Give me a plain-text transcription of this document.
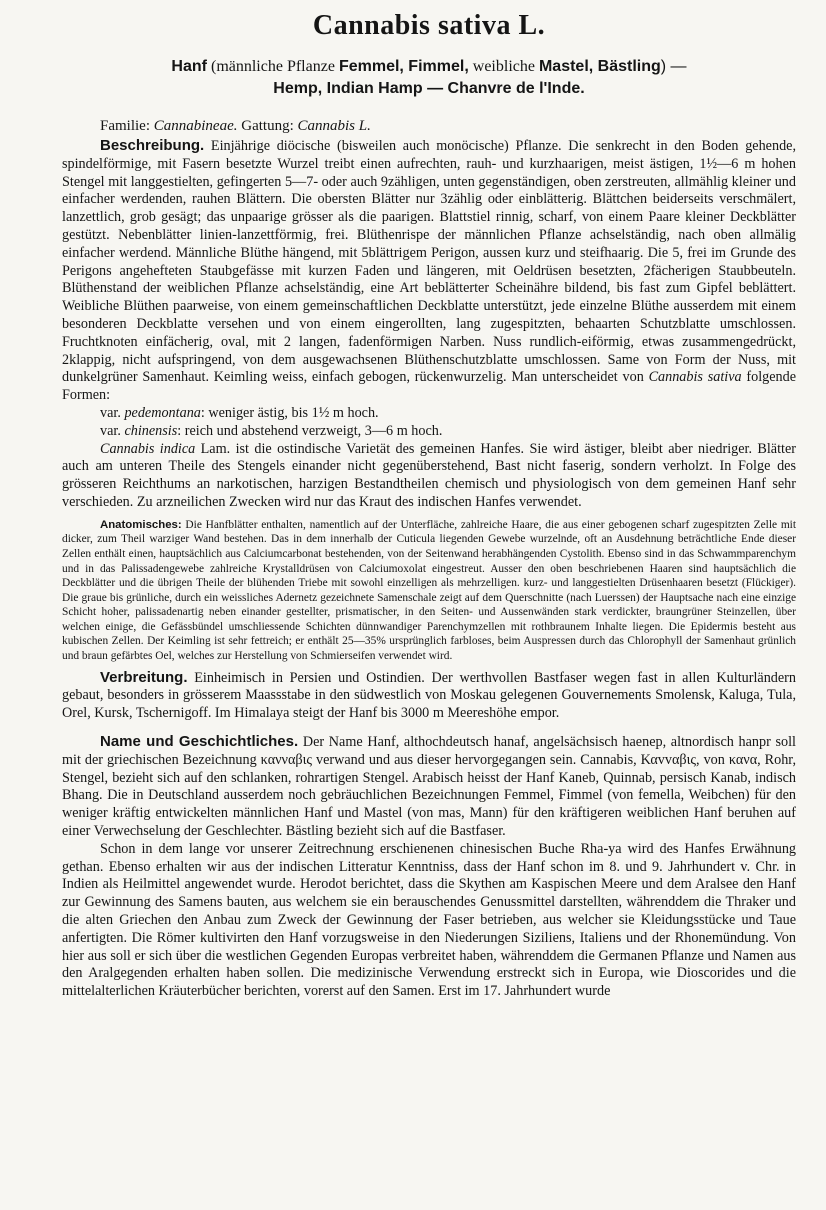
Cannabis sativa L.
Hanf (männliche Pflanze Femmel, Fimmel, weibliche Mastel, Bästling) —
Hemp, Indian Hamp — Chanvre de l'Inde.
Familie: Cannabineae. Gattung: Cannabis L.

Beschreibung. Einjährige diöcische (bisweilen auch monöcische) Pflanze. Die senkrecht in den Boden gehende, spindelförmige, mit Fasern besetzte Wurzel treibt einen aufrechten, rauh- und kurzhaarigen, meist ästigen, 1½—6 m hohen Stengel mit langgestielten, gefingerten 5—7- oder auch 9zähligen, unten gegenständigen, oben zerstreuten, allmählig kleiner und einfacher werdenden, rauhen Blättern. Die obersten Blätter nur 3zählig oder einblätterig. Blättchen beiderseits verschmälert, lanzettlich, grob gesägt; das unpaarige grösser als die paarigen. Blattstiel rinnig, scharf, von einem Paare kleiner Deckblätter gestützt. Nebenblätter linien-lanzettförmig, frei. Blüthenrispe der männlichen Pflanze achselständig, nach oben allmälig einfacher werdend. Männliche Blüthe hängend, mit 5blättrigem Perigon, aussen kurz und steifhaarig. Die 5, frei im Grunde des Perigons angehefteten Staubgefässe mit kurzen Faden und längeren, mit Oeldrüsen besetzten, 2fächerigen Staubbeuteln. Blüthenstand der weiblichen Pflanze achselständig, eine Art beblätterter Scheinähre bildend, bis fast zum Gipfel beblättert. Weibliche Blüthen paarweise, von einem gemeinschaftlichen Deckblatte unterstützt, jede einzelne Blüthe ausserdem mit einem besonderen Deckblatte versehen und von einem eingerollten, lang zugespitzten, behaarten Schutzblatte umschlossen. Fruchtknoten einfächerig, oval, mit 2 langen, fadenförmigen Narben. Nuss rundlich-eiförmig, etwas zusammengedrückt, 2klappig, nicht aufspringend, von dem ausgewachsenen Blüthenschutzblatte umschlossen. Same von Form der Nuss, mit dunkelgrüner Samenhaut. Keimling weiss, einfach gebogen, rückenwurzelig. Man unterscheidet von Cannabis sativa folgende Formen:

var. pedemontana: weniger ästig, bis 1½ m hoch.

var. chinensis: reich und abstehend verzweigt, 3—6 m hoch.

Cannabis indica Lam. ist die ostindische Varietät des gemeinen Hanfes. Sie wird ästiger, bleibt aber niedriger. Blätter auch am unteren Theile des Stengels einander nicht gegenüberstehend, Bast nicht faserig, sondern verholzt. In Folge des grösseren Reichthums an narkotischen, harzigen Bestandtheilen chemisch und physiologisch von dem gemeinen Hanf sehr verschieden. Zu arzneilichen Zwecken wird nur das Kraut des indischen Hanfes verwendet.

Anatomisches: Die Hanfblätter enthalten, namentlich auf der Unterfläche, zahlreiche Haare, die aus einer gebogenen scharf zugespitzten Zelle mit dicker, zum Theil warziger Wand bestehen. Das in dem innerhalb der Cuticula liegenden Gewebe wurzelnde, oft an Ausdehnung beträchtliche Ende dieser Zellen enthält einen, hauptsächlich aus Calciumcarbonat bestehenden, von der Seitenwand herabhängenden Cystolith. Ebenso sind in das Schwammparenchym und in das Palissadengewebe zahlreiche Krystalldrüsen von Calciumoxolat eingestreut. Ausser den oben beschriebenen Haaren sind hauptsächlich die Deckblätter und die übrigen Theile der blühenden Triebe mit sowohl einzelligen als mehrzelligen. kurz- und langgestielten Drüsenhaaren besetzt (Flückiger). Die graue bis grünliche, durch ein weissliches Adernetz gezeichnete Samenschale zeigt auf dem Querschnitte (nach Luerssen) der Hauptsache nach eine einzige Schicht hoher, palissadenartig neben einander gestellter, prismatischer, in den Seiten- und Aussenwänden stark verdickter, braungrüner Steinzellen, über welchen einige, die Gefässbündel umschliessende Schichten dünnwandiger Parenchymzellen mit rothbraunem Inhalte liegen. Die Epidermis besteht aus kubischen Zellen. Der Keimling ist sehr fettreich; er enthält 25—35% ursprünglich farbloses, beim Auspressen durch das Chlorophyll der Samenhaut grünlich und braun gefärbtes Oel, welches zur Herstellung von Schmierseifen verwendet wird.
Verbreitung. Einheimisch in Persien und Ostindien. Der werthvollen Bastfaser wegen fast in allen Kulturländern gebaut, besonders in grösserem Maassstabe in den südwestlich von Moskau gelegenen Gouvernements Smolensk, Kaluga, Tula, Orel, Kursk, Tschernigoff. Im Himalaya steigt der Hanf bis 3000 m Meereshöhe empor.

Name und Geschichtliches. Der Name Hanf, althochdeutsch hanaf, angelsächsisch haenep, altnordisch hanpr soll mit der griechischen Bezeichnung κανναβις verwand und aus dieser hervorgegangen sein. Cannabis, Καvvαβις, von κανα, Rohr, Stengel, bezieht sich auf den schlanken, rohrartigen Stengel. Arabisch heisst der Hanf Kaneb, Quinnab, persisch Kanab, indisch Bhang. Die in Deutschland ausserdem noch gebräuchlichen Bezeichnungen Femmel, Fimmel (von femella, Weibchen) für den weniger kräftig entwickelten männlichen Hanf und Mastel (von mas, Mann) für den kräftigeren weiblichen Hanf beruhen auf einer Verwechselung der Geschlechter. Bästling bezieht sich auf die Bastfaser.

Schon in dem lange vor unserer Zeitrechnung erschienenen chinesischen Buche Rha-ya wird des Hanfes Erwähnung gethan. Ebenso erhalten wir aus der indischen Litteratur Kenntniss, dass der Hanf schon im 8. und 9. Jahrhundert v. Chr. in Indien als Heilmittel angewendet wurde. Herodot berichtet, dass die Skythen am Kaspischen Meere und dem Aralsee den Hanf zur Gewinnung des Samens bauten, aus welchem sie ein berauschendes Genussmittel darstellten, währenddem die Thraker und die alten Griechen den Anbau zum Zweck der Gewinnung der Faser betrieben, aus welcher sie Kleidungsstücke und Taue anfertigten. Die Römer kultivirten den Hanf vorzugsweise in den Niederungen Siziliens, Italiens und der Rhonemündung. Von hier aus soll er sich über die westlichen Gegenden Europas verbreitet haben, währenddem die Germanen Pflanze und Namen aus den Aralgegenden erhalten haben sollen. Die medizinische Verwendung erstreckt sich in Europa, wie Dioscorides und die mittelalterlichen Kräuterbücher berichten, vorerst auf den Samen. Erst im 17. Jahrhundert wurde
